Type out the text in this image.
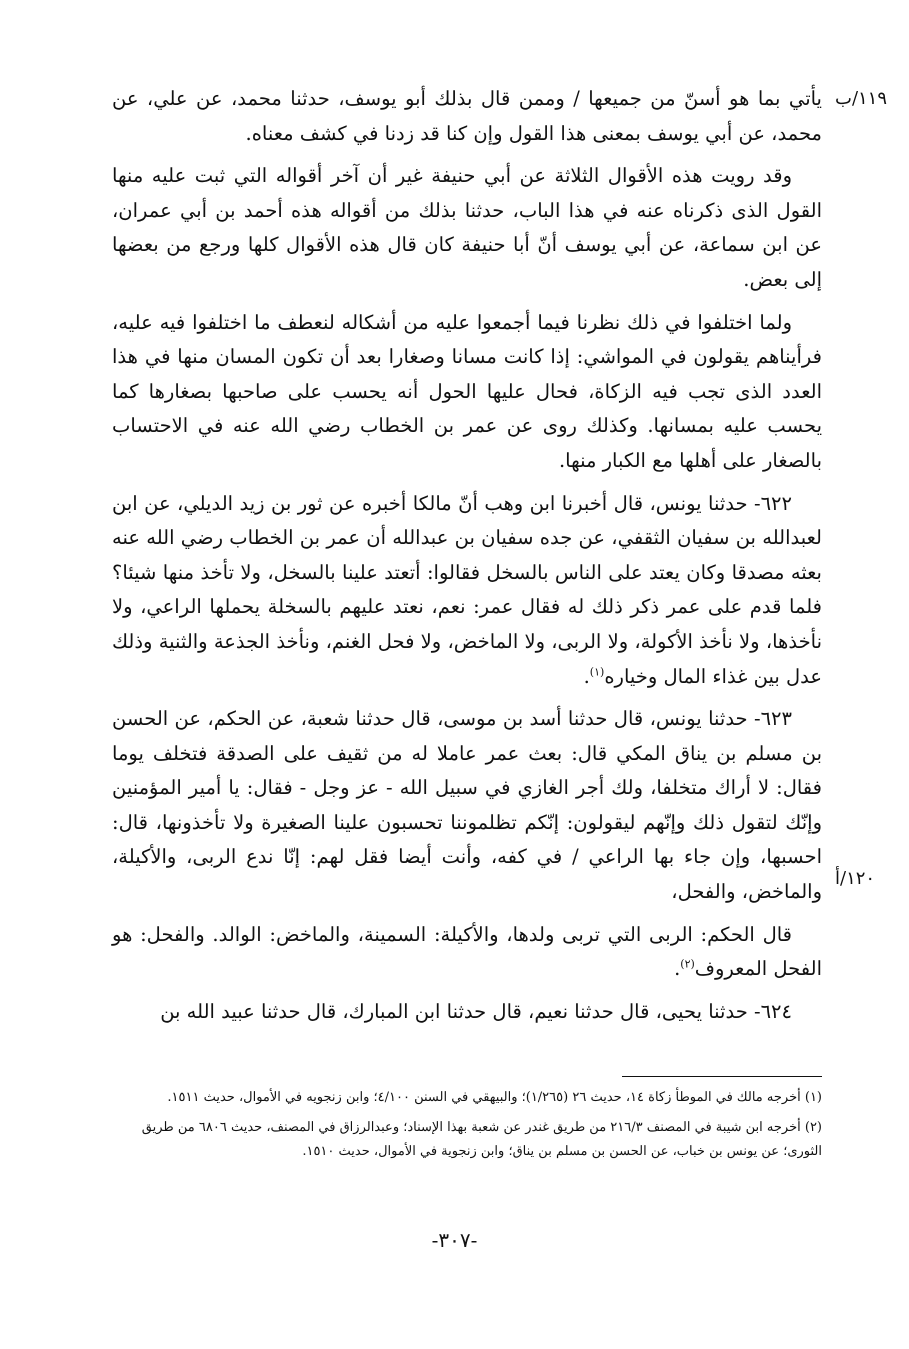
١١٩/ب
١٢٠/أ

يأتي بما هو أسنّ من جميعها / وممن قال بذلك أبو يوسف، حدثنا محمد، عن علي، عن محمد، عن أبي يوسف بمعنى هذا القول وإن كنا قد زدنا في كشف معناه.

وقد رويت هذه الأقوال الثلاثة عن أبي حنيفة غير أن آخر أقواله التي ثبت عليه منها القول الذى ذكرناه عنه في هذا الباب، حدثنا بذلك من أقواله هذه أحمد بن أبي عمران، عن ابن سماعة، عن أبي يوسف أنّ أبا حنيفة كان قال هذه الأقوال كلها ورجع من بعضها إلى بعض.

ولما اختلفوا في ذلك نظرنا فيما أجمعوا عليه من أشكاله لنعطف ما اختلفوا فيه عليه، فرأيناهم يقولون في المواشي: إذا كانت مسانا وصغارا بعد أن تكون المسان منها في هذا العدد الذى تجب فيه الزكاة، فحال عليها الحول أنه يحسب على صاحبها بصغارها كما يحسب عليه بمسانها. وكذلك روى عن عمر بن الخطاب رضي الله عنه في الاحتساب بالصغار على أهلها مع الكبار منها.

٦٢٢- حدثنا يونس، قال أخبرنا ابن وهب أنّ مالكا أخبره عن ثور بن زيد الديلي، عن ابن لعبدالله بن سفيان الثقفي، عن جده سفيان بن عبدالله أن عمر بن الخطاب رضي الله عنه بعثه مصدقا وكان يعتد على الناس بالسخل فقالوا: أتعتد علينا بالسخل، ولا تأخذ منها شيئا؟ فلما قدم على عمر ذكر ذلك له فقال عمر: نعم، نعتد عليهم بالسخلة يحملها الراعي، ولا نأخذها، ولا نأخذ الأكولة، ولا الربى، ولا الماخض، ولا فحل الغنم، ونأخذ الجذعة والثنية وذلك عدل بين غذاء المال وخياره$^{(١)}$.

٦٢٣- حدثنا يونس، قال حدثنا أسد بن موسى، قال حدثنا شعبة، عن الحكم، عن الحسن بن مسلم بن يناق المكي قال: بعث عمر عاملا له من ثقيف على الصدقة فتخلف يوما فقال: لا أراك متخلفا، ولك أجر الغازي في سبيل الله - عز وجل - فقال: يا أمير المؤمنين وإنّك لتقول ذلك وإنّهم ليقولون: إنّكم تظلموننا تحسبون علينا الصغيرة ولا تأخذونها، قال: احسبها، وإن جاء بها الراعي / في كفه، وأنت أيضا فقل لهم: إنّا ندع الربى، والأكيلة، والماخض، والفحل،

قال الحكم: الربى التي تربى ولدها، والأكيلة: السمينة، والماخض: الوالد. والفحل: هو الفحل المعروف$^{(٢)}$.

٦٢٤- حدثنا يحيى، قال حدثنا نعيم، قال حدثنا ابن المبارك، قال حدثنا عبيد الله بن

(١) أخرجه مالك في الموطأ زكاة ١٤، حديث ٢٦ (١/٢٦٥)؛ والبيهقي في السنن ٤/١٠٠؛ وابن زنجويه في الأموال، حديث ١٥١١.

(٢) أخرجه ابن شيبة في المصنف ٢١٦/٣ من طريق غندر عن شعبة بهذا الإسناد؛ وعبدالرزاق في المصنف، حديث ٦٨٠٦ من طريق الثورى؛ عن يونس بن خباب، عن الحسن بن مسلم بن يناق؛ وابن زنجوية في الأموال، حديث ١٥١٠.

-٣٠٧-
